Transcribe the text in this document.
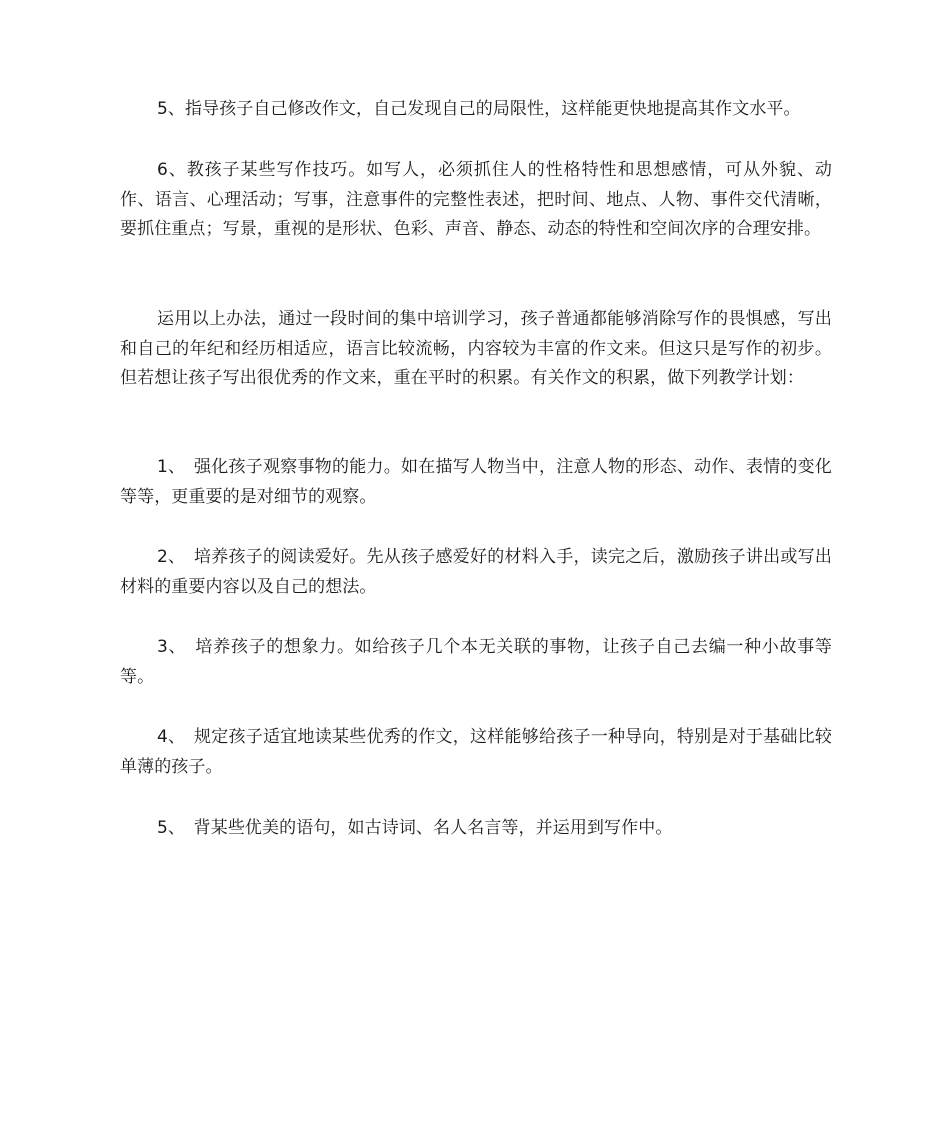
5、指导孩子自己修改作文，自己发现自己的局限性，这样能更快地提高其作文水平。

6、教孩子某些写作技巧。如写人，必须抓住人的性格特性和思想感情，可从外貌、动作、语言、心理活动；写事，注意事件的完整性表述，把时间、地点、人物、事件交代清晰，要抓住重点；写景，重视的是形状、色彩、声音、静态、动态的特性和空间次序的合理安排。

运用以上办法，通过一段时间的集中培训学习，孩子普通都能够消除写作的畏惧感，写出和自己的年纪和经历相适应，语言比较流畅，内容较为丰富的作文来。但这只是写作的初步。但若想让孩子写出很优秀的作文来，重在平时的积累。有关作文的积累，做下列教学计划：

1、　强化孩子观察事物的能力。如在描写人物当中，注意人物的形态、动作、表情的变化等等，更重要的是对细节的观察。

2、　培养孩子的阅读爱好。先从孩子感爱好的材料入手，读完之后，激励孩子讲出或写出材料的重要内容以及自己的想法。

3、　培养孩子的想象力。如给孩子几个本无关联的事物，让孩子自己去编一种小故事等等。

4、　规定孩子适宜地读某些优秀的作文，这样能够给孩子一种导向，特别是对于基础比较单薄的孩子。

5、　背某些优美的语句，如古诗词、名人名言等，并运用到写作中。
